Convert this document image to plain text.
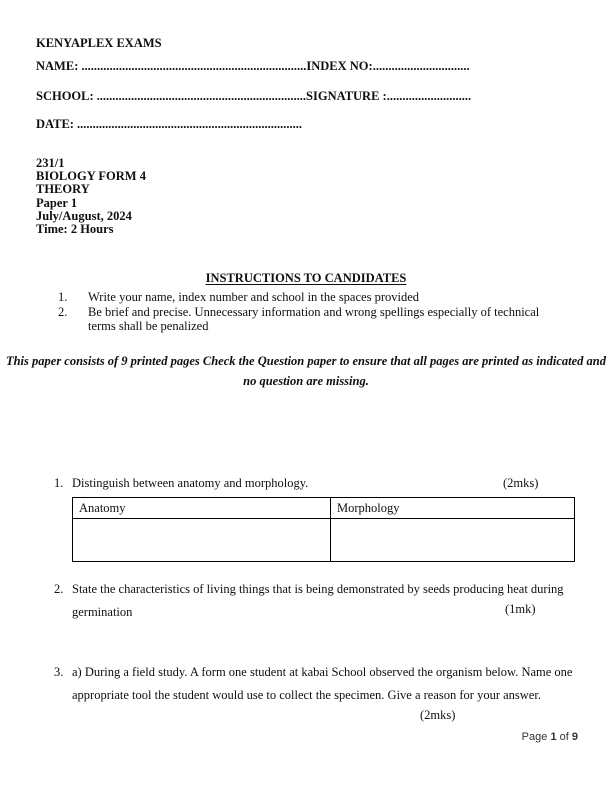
KENYAPLEX EXAMS
NAME: ........................................................................INDEX NO:...............................
SCHOOL: ...................................................................SIGNATURE :...........................
DATE: ........................................................................
231/1
BIOLOGY FORM 4
THEORY
Paper 1
July/August, 2024
Time: 2 Hours
INSTRUCTIONS TO CANDIDATES
1.	Write your name, index number and school in the spaces provided
2.	Be brief and precise. Unnecessary information and wrong spellings especially of technical terms shall be penalized
This paper consists of 9 printed pages Check the Question paper to ensure that all pages are printed as indicated and
no question are missing.
1. Distinguish between anatomy and morphology.	(2mks)
Anatomy	Morphology

2. State the characteristics of living things that is being demonstrated by seeds producing heat during
germination	(1mk)
3. a) During a field study. A form one student at kabai School observed the organism below. Name one
appropriate tool the student would use to collect the specimen. Give a reason for your answer.
(2mks)
Page 1 of 9
